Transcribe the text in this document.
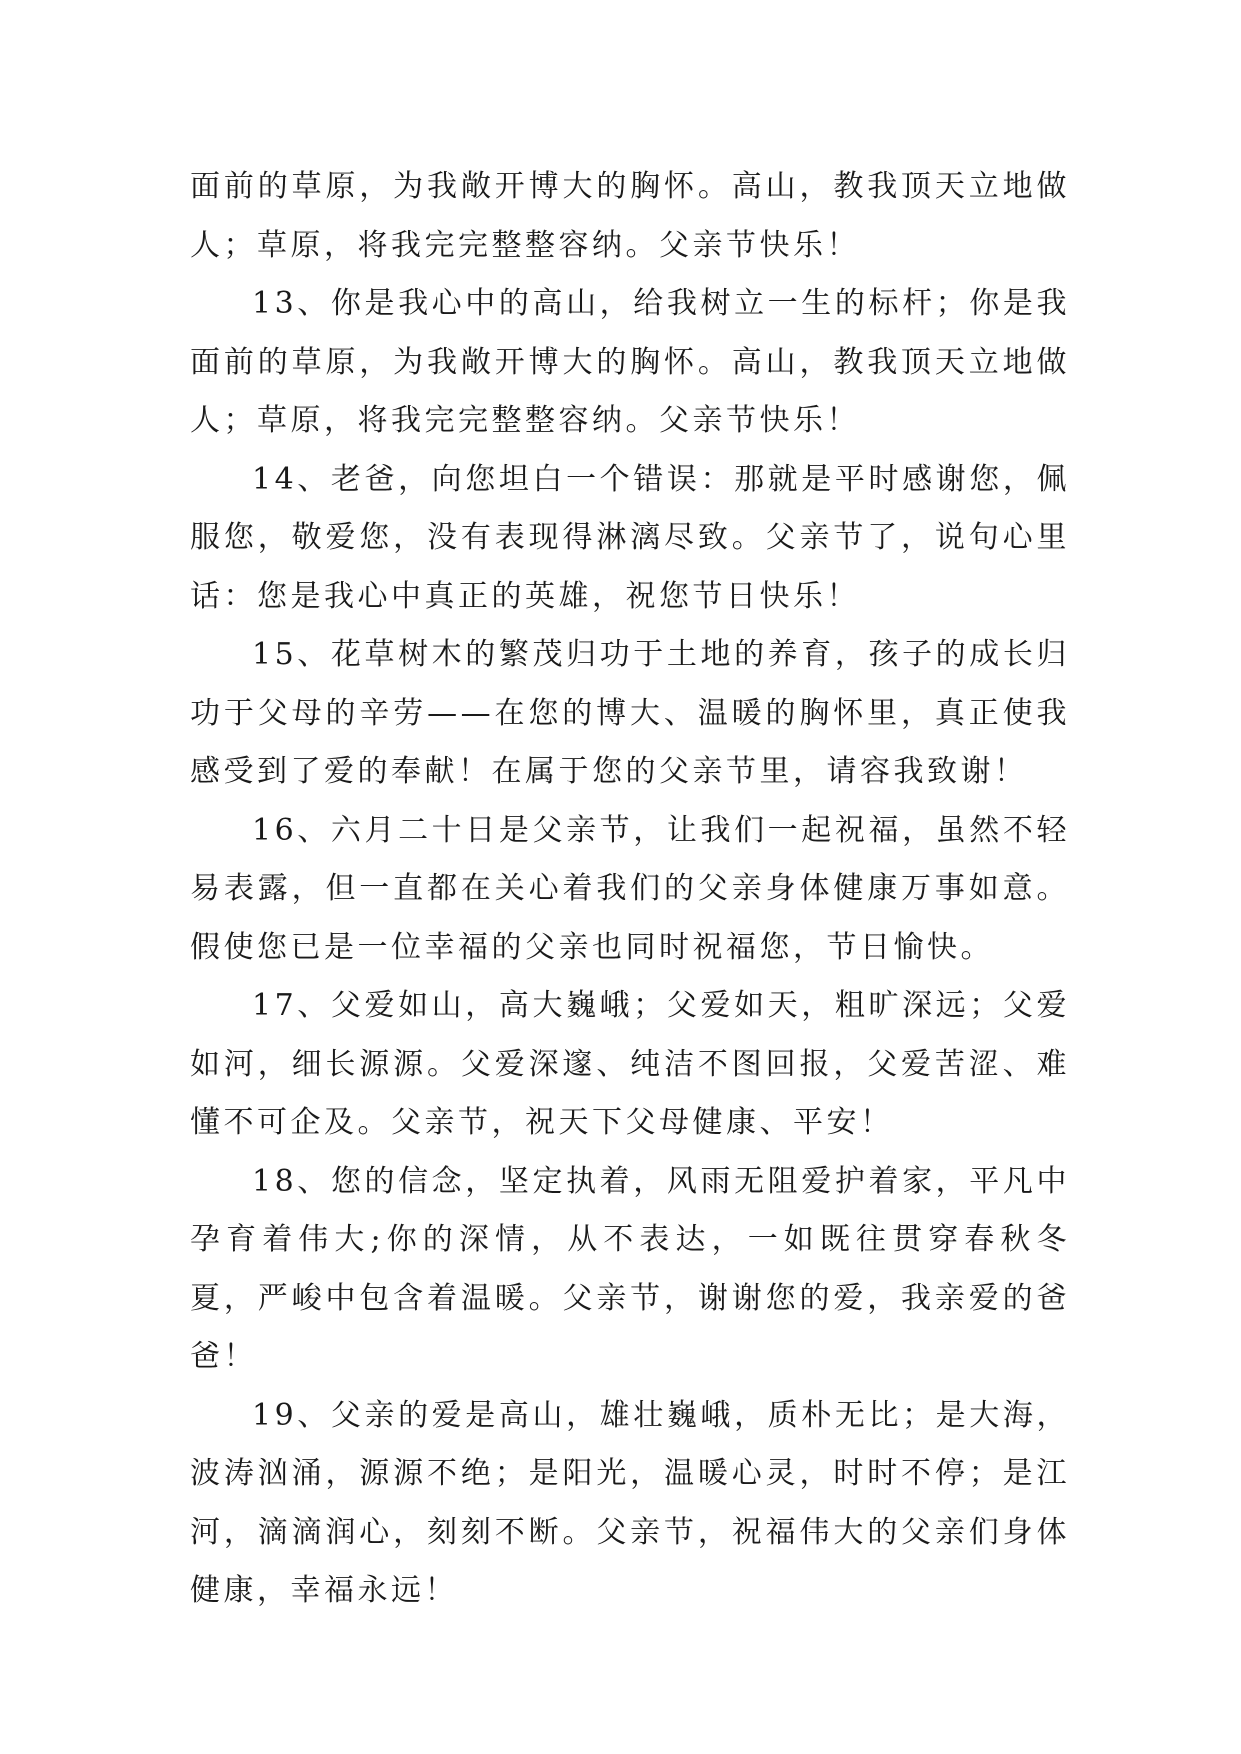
面前的草原，为我敞开博大的胸怀。高山，教我顶天立地做人；草原，将我完完整整容纳。父亲节快乐！

13、你是我心中的高山，给我树立一生的标杆；你是我面前的草原，为我敞开博大的胸怀。高山，教我顶天立地做人；草原，将我完完整整容纳。父亲节快乐！

14、老爸，向您坦白一个错误：那就是平时感谢您，佩服您，敬爱您，没有表现得淋漓尽致。父亲节了，说句心里话：您是我心中真正的英雄，祝您节日快乐！

15、花草树木的繁茂归功于土地的养育，孩子的成长归功于父母的辛劳——在您的博大、温暖的胸怀里，真正使我感受到了爱的奉献！在属于您的父亲节里，请容我致谢！

16、六月二十日是父亲节，让我们一起祝福，虽然不轻易表露，但一直都在关心着我们的父亲身体健康万事如意。假使您已是一位幸福的父亲也同时祝福您，节日愉快。

17、父爱如山，高大巍峨；父爱如天，粗旷深远；父爱如河，细长源源。父爱深邃、纯洁不图回报，父爱苦涩、难懂不可企及。父亲节，祝天下父母健康、平安！

18、您的信念，坚定执着，风雨无阻爱护着家，平凡中孕育着伟大;你的深情，从不表达，一如既往贯穿春秋冬夏，严峻中包含着温暖。父亲节，谢谢您的爱，我亲爱的爸爸！

19、父亲的爱是高山，雄壮巍峨，质朴无比；是大海，波涛汹涌，源源不绝；是阳光，温暖心灵，时时不停；是江河，滴滴润心，刻刻不断。父亲节，祝福伟大的父亲们身体健康，幸福永远！
